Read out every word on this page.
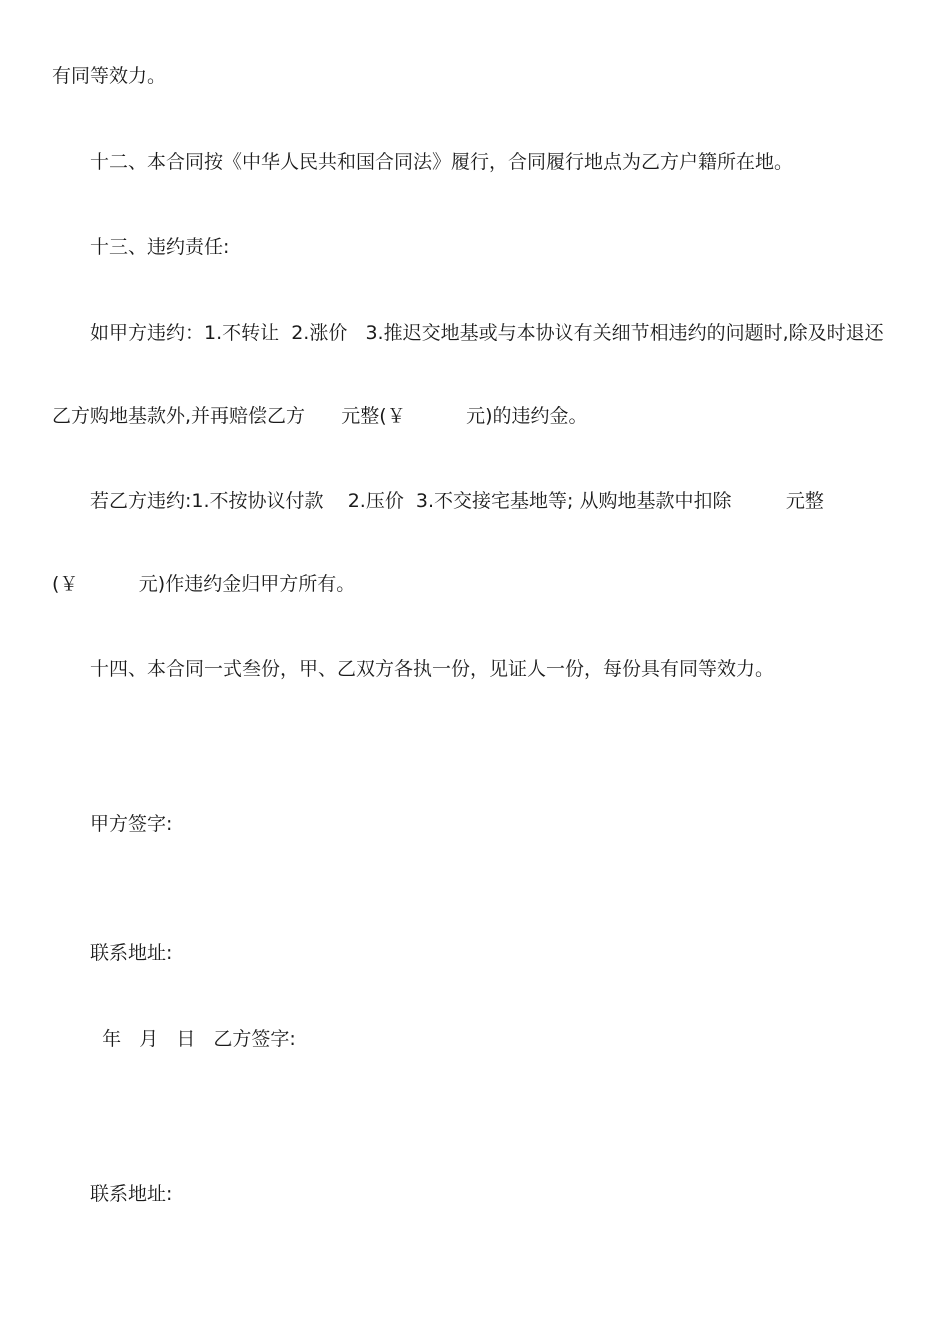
有同等效力。

十二、本合同按《中华人民共和国合同法》履行，合同履行地点为乙方户籍所在地。

十三、违约责任:

如甲方违约：1.不转让  2.涨价   3.推迟交地基或与本协议有关细节相违约的问题时,除及时退还

乙方购地基款外,并再赔偿乙方      元整(￥          元)的违约金。

若乙方违约:1.不按协议付款    2.压价  3.不交接宅基地等; 从购地基款中扣除         元整

(￥          元)作违约金归甲方所有。

十四、本合同一式叁份，甲、乙双方各执一份，见证人一份，每份具有同等效力。

甲方签字:

联系地址:

年   月   日   乙方签字:

联系地址:
